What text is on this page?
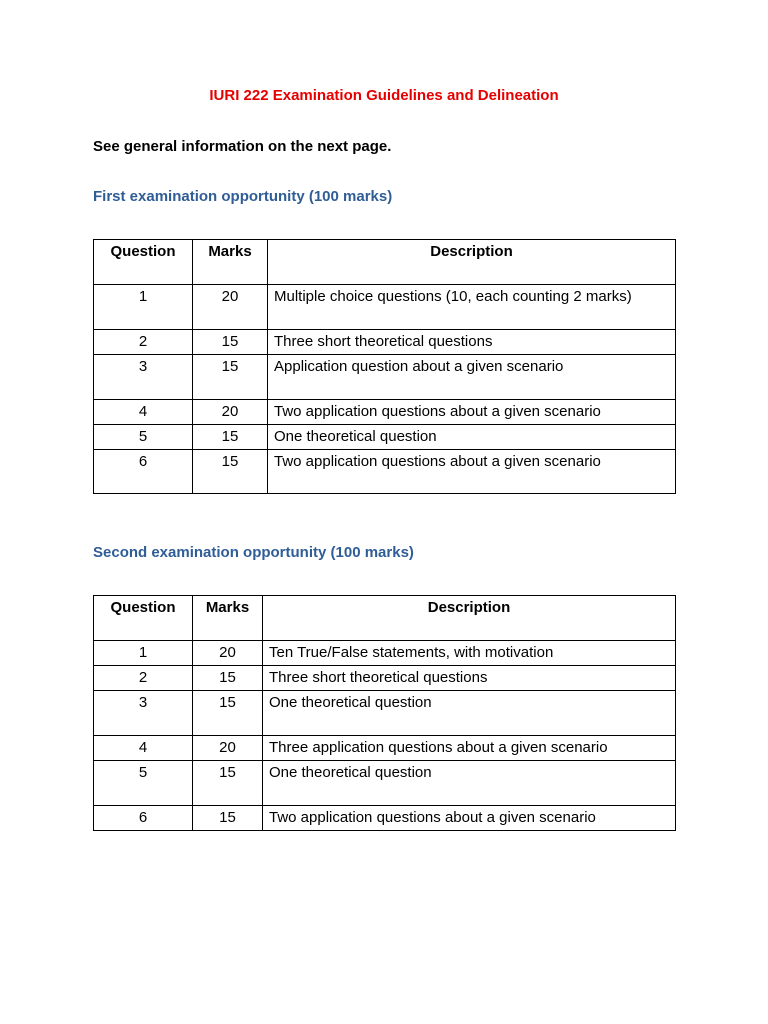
IURI 222 Examination Guidelines and Delineation
See general information on the next page.
First examination opportunity (100 marks)
Question	Marks	Description
1	20	Multiple choice questions (10, each counting 2 marks)
2	15	Three short theoretical questions
3	15	Application question about a given scenario
4	20	Two application questions about a given scenario
5	15	One theoretical question
6	15	Two application questions about a given scenario
Second examination opportunity (100 marks)
Question	Marks	Description
1	20	Ten True/False statements, with motivation
2	15	Three short theoretical questions
3	15	One theoretical question
4	20	Three application questions about a given scenario
5	15	One theoretical question
6	15	Two application questions about a given scenario
